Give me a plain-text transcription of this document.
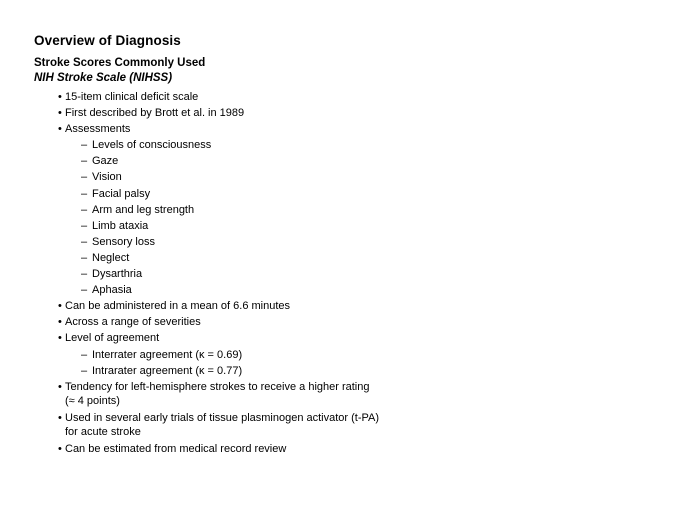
Overview of Diagnosis
Stroke Scores Commonly Used
NIH Stroke Scale (NIHSS)
• 15-item clinical deficit scale
• First described by Brott et al. in 1989
• Assessments
– Levels of consciousness
– Gaze
– Vision
– Facial palsy
– Arm and leg strength
– Limb ataxia
– Sensory loss
– Neglect
– Dysarthria
– Aphasia
• Can be administered in a mean of 6.6 minutes
• Across a range of severities
• Level of agreement
– Interrater agreement (κ = 0.69)
– Intrarater agreement (κ = 0.77)
• Tendency for left-hemisphere strokes to receive a higher rating
(≈ 4 points)
• Used in several early trials of tissue plasminogen activator (t-PA)
for acute stroke
• Can be estimated from medical record review
